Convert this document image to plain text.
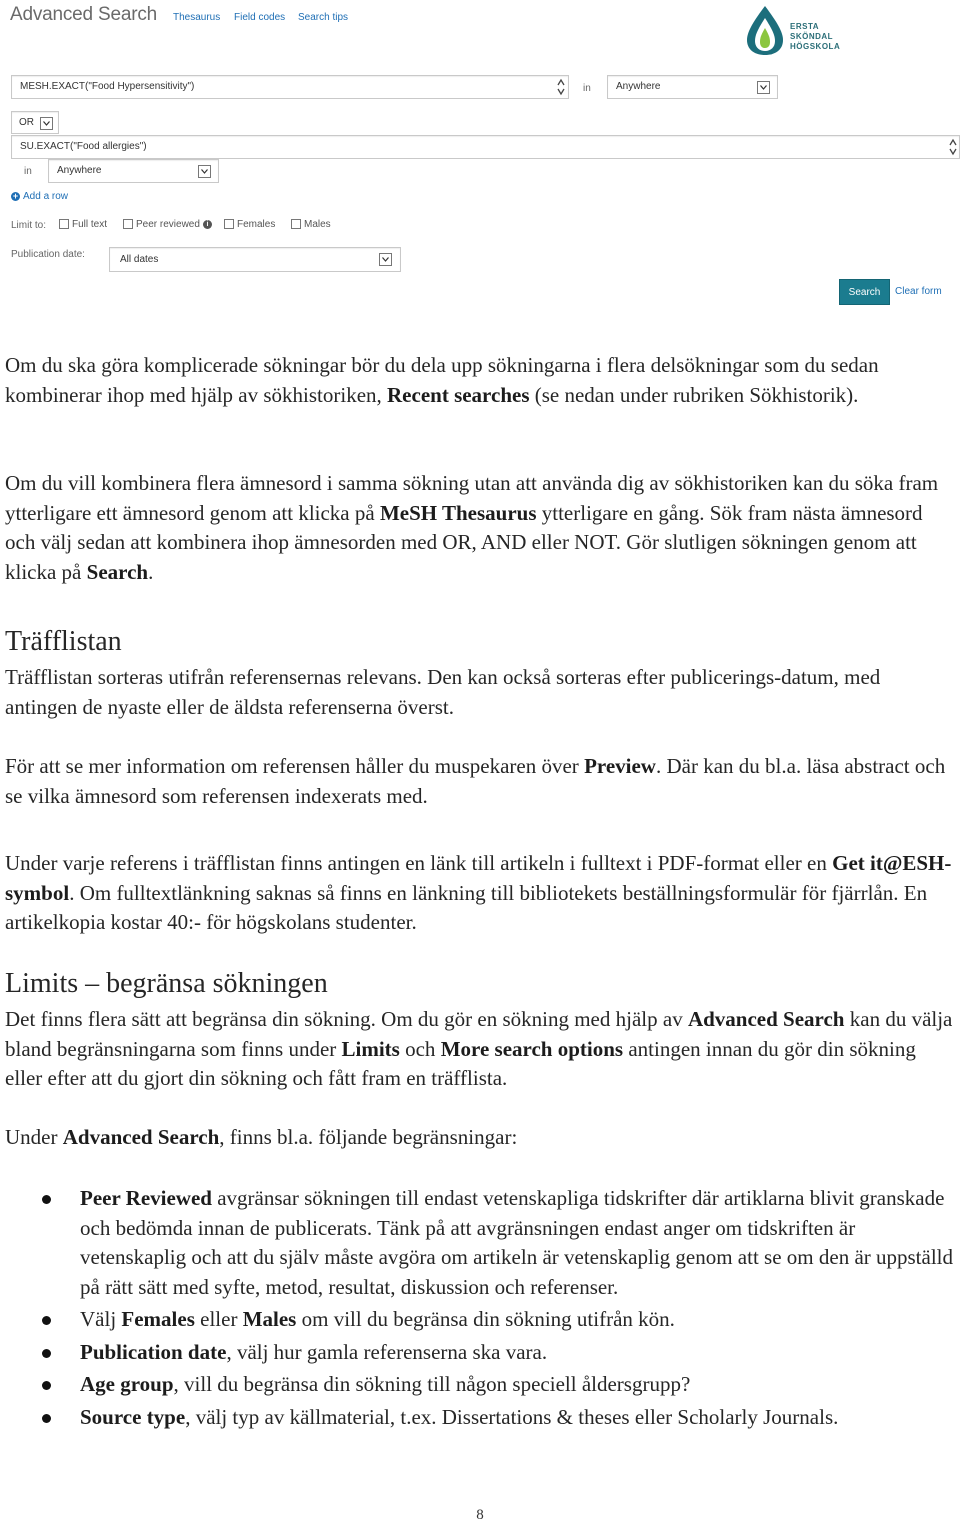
Advanced Search Thesaurus Field codes Search tips
ERSTA
SKÖNDAL
HÖGSKOLA
MESH.EXACT("Food Hypersensitivity")	in	Anywhere
OR
SU.EXACT("Food allergies")
in	Anywhere
+ Add a row
Limit to:	Full text	Peer reviewed i	Females	Males
Publication date:	All dates
Search	Clear form

Om du ska göra komplicerade sökningar bör du dela upp sökningarna i flera delsökningar som du sedan kombinerar ihop med hjälp av sökhistoriken, Recent searches (se nedan under rubriken Sökhistorik).

Om du vill kombinera flera ämnesord i samma sökning utan att använda dig av sökhistoriken kan du söka fram ytterligare ett ämnesord genom att klicka på MeSH Thesaurus ytterligare en gång. Sök fram nästa ämnesord och välj sedan att kombinera ihop ämnesorden med OR, AND eller NOT. Gör slutligen sökningen genom att klicka på Search.

Träfflistan

Träfflistan sorteras utifrån referensernas relevans. Den kan också sorteras efter publicerings-datum, med antingen de nyaste eller de äldsta referenserna överst.

För att se mer information om referensen håller du muspekaren över Preview. Där kan du bl.a. läsa abstract och se vilka ämnesord som referensen indexerats med.

Under varje referens i träfflistan finns antingen en länk till artikeln i fulltext i PDF-format eller en Get it@ESH-symbol. Om fulltextlänkning saknas så finns en länkning till bibliotekets beställningsformulär för fjärrlån. En artikelkopia kostar 40:- för högskolans studenter.

Limits – begränsa sökningen

Det finns flera sätt att begränsa din sökning. Om du gör en sökning med hjälp av Advanced Search kan du välja bland begränsningarna som finns under Limits och More search options antingen innan du gör din sökning eller efter att du gjort din sökning och fått fram en träfflista.

Under Advanced Search, finns bl.a. följande begränsningar:

Peer Reviewed avgränsar sökningen till endast vetenskapliga tidskrifter där artiklarna blivit granskade och bedömda innan de publicerats. Tänk på att avgränsningen endast anger om tidskriften är vetenskaplig och att du själv måste avgöra om artikeln är vetenskaplig genom att se om den är uppställd på rätt sätt med syfte, metod, resultat, diskussion och referenser.
Välj Females eller Males om vill du begränsa din sökning utifrån kön.
Publication date, välj hur gamla referenserna ska vara.
Age group, vill du begränsa din sökning till någon speciell åldersgrupp?
Source type, välj typ av källmaterial, t.ex. Dissertations & theses eller Scholarly Journals.
8
